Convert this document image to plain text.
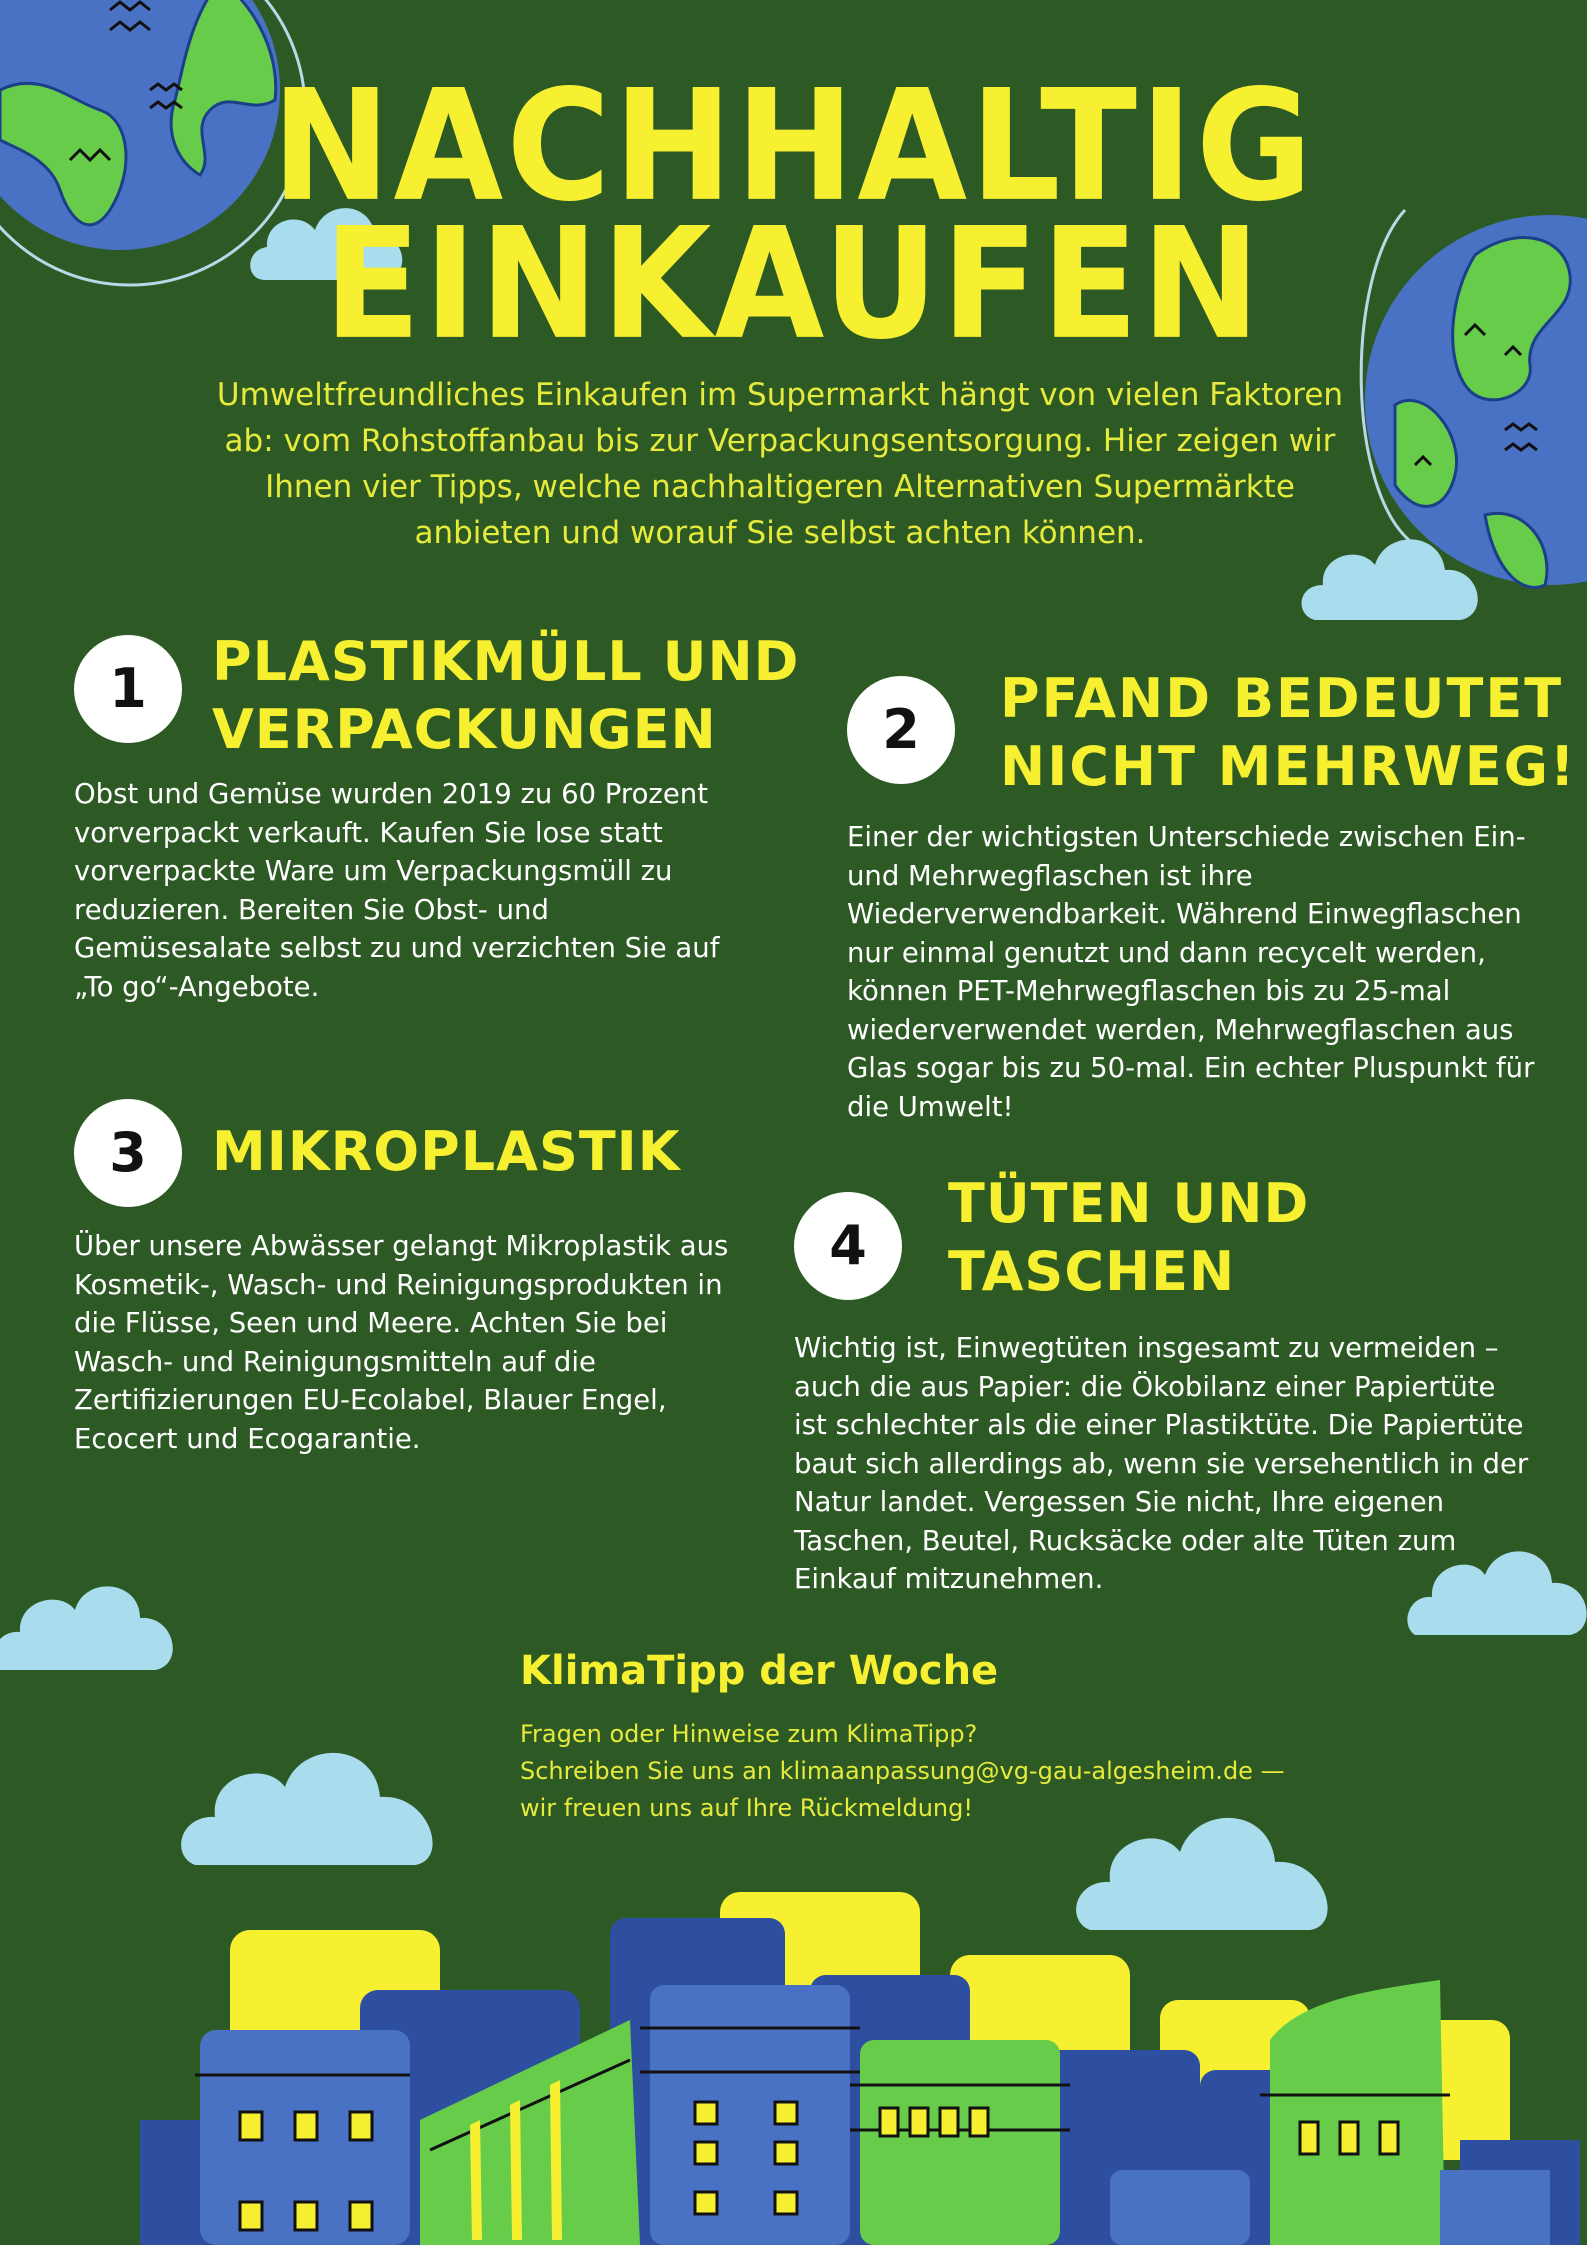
NACHHALTIG
EINKAUFEN
Umweltfreundliches Einkaufen im Supermarkt hängt von vielen Faktoren ab: vom Rohstoffanbau bis zur Verpackungsentsorgung. Hier zeigen wir Ihnen vier Tipps, welche nachhaltigeren Alternativen Supermärkte anbieten und worauf Sie selbst achten können.
1	PLASTIKMÜLL UND
VERPACKUNGEN
Obst und Gemüse wurden 2019 zu 60 Prozent vorverpackt verkauft. Kaufen Sie lose statt vorverpackte Ware um Verpackungsmüll zu reduzieren. Bereiten Sie Obst- und Gemüsesalate selbst zu und verzichten Sie auf „To go“-Angebote.
2	PFAND BEDEUTET
NICHT MEHRWEG!
Einer der wichtigsten Unterschiede zwischen Ein- und Mehrwegflaschen ist ihre Wiederverwendbarkeit. Während Einwegflaschen nur einmal genutzt und dann recycelt werden, können PET-Mehrwegflaschen bis zu 25-mal wiederverwendet werden, Mehrwegflaschen aus Glas sogar bis zu 50-mal. Ein echter Pluspunkt für die Umwelt!
3	MIKROPLASTIK
Über unsere Abwässer gelangt Mikroplastik aus Kosmetik-, Wasch- und Reinigungsprodukten in die Flüsse, Seen und Meere. Achten Sie bei Wasch- und Reinigungsmitteln auf die Zertifizierungen EU-Ecolabel, Blauer Engel, Ecocert und Ecogarantie.
4
TÜTEN UND
TASCHEN
Wichtig ist, Einwegtüten insgesamt zu vermeiden – auch die aus Papier: die Ökobilanz einer Papiertüte ist schlechter als die einer Plastiktüte. Die Papiertüte baut sich allerdings ab, wenn sie versehentlich in der Natur landet. Vergessen Sie nicht, Ihre eigenen Taschen, Beutel, Rucksäcke oder alte Tüten zum Einkauf mitzunehmen.
KlimaTipp der Woche
Fragen oder Hinweise zum KlimaTipp?
Schreiben Sie uns an klimaanpassung@vg-gau-algesheim.de —
wir freuen uns auf Ihre Rückmeldung!
